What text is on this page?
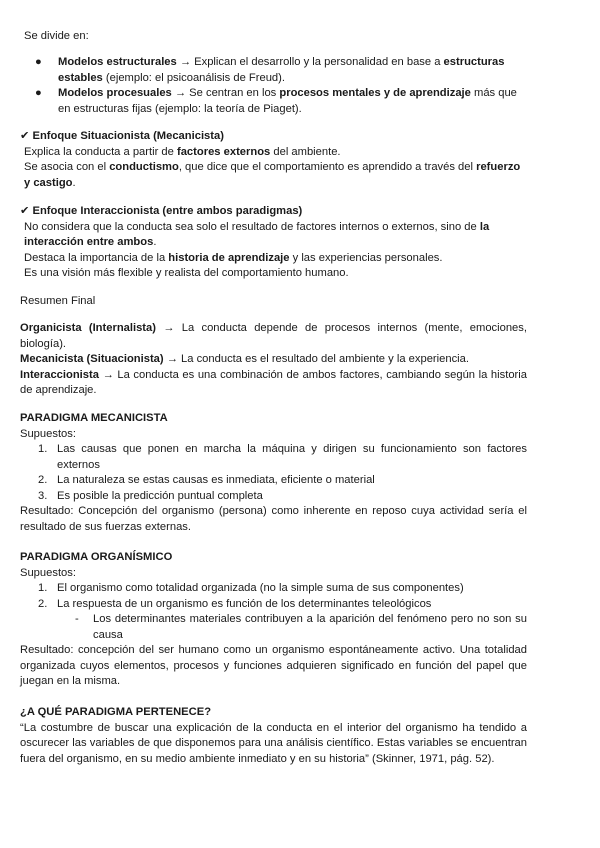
Se divide en:

● Modelos estructurales → Explican el desarrollo y la personalidad en base a estructuras estables (ejemplo: el psicoanálisis de Freud).
● Modelos procesuales → Se centran en los procesos mentales y de aprendizaje más que en estructuras fijas (ejemplo: la teoría de Piaget).
✔ Enfoque Situacionista (Mecanicista)
Explica la conducta a partir de factores externos del ambiente.
Se asocia con el conductismo, que dice que el comportamiento es aprendido a través del refuerzo y castigo.
✔ Enfoque Interaccionista (entre ambos paradigmas)
No considera que la conducta sea solo el resultado de factores internos o externos, sino de la interacción entre ambos.
Destaca la importancia de la historia de aprendizaje y las experiencias personales.
Es una visión más flexible y realista del comportamiento humano.

Resumen Final

Organicista (Internalista) → La conducta depende de procesos internos (mente, emociones, biología).
Mecanicista (Situacionista) → La conducta es el resultado del ambiente y la experiencia.
Interaccionista → La conducta es una combinación de ambos factores, cambiando según la historia de aprendizaje.
PARADIGMA MECANICISTA
Supuestos:
1. Las causas que ponen en marcha la máquina y dirigen su funcionamiento son factores externos
2. La naturaleza se estas causas es inmediata, eficiente o material
3. Es posible la predicción puntual completa
Resultado: Concepción del organismo (persona) como inherente en reposo cuya actividad sería el resultado de sus fuerzas externas.
PARADIGMA ORGANÍSMICO
Supuestos:
1. El organismo como totalidad organizada (no la simple suma de sus componentes)
2. La respuesta de un organismo es función de los determinantes teleológicos
- Los determinantes materiales contribuyen a la aparición del fenómeno pero no son su causa
Resultado: concepción del ser humano como un organismo espontáneamente activo. Una totalidad organizada cuyos elementos, procesos y funciones adquieren significado en función del papel que juegan en la misma.
¿A QUÉ PARADIGMA PERTENECE?
“La costumbre de buscar una explicación de la conducta en el interior del organismo ha tendido a oscurecer las variables de que disponemos para una análisis científico. Estas variables se encuentran fuera del organismo, en su medio ambiente inmediato y en su historia” (Skinner, 1971, pág. 52).
